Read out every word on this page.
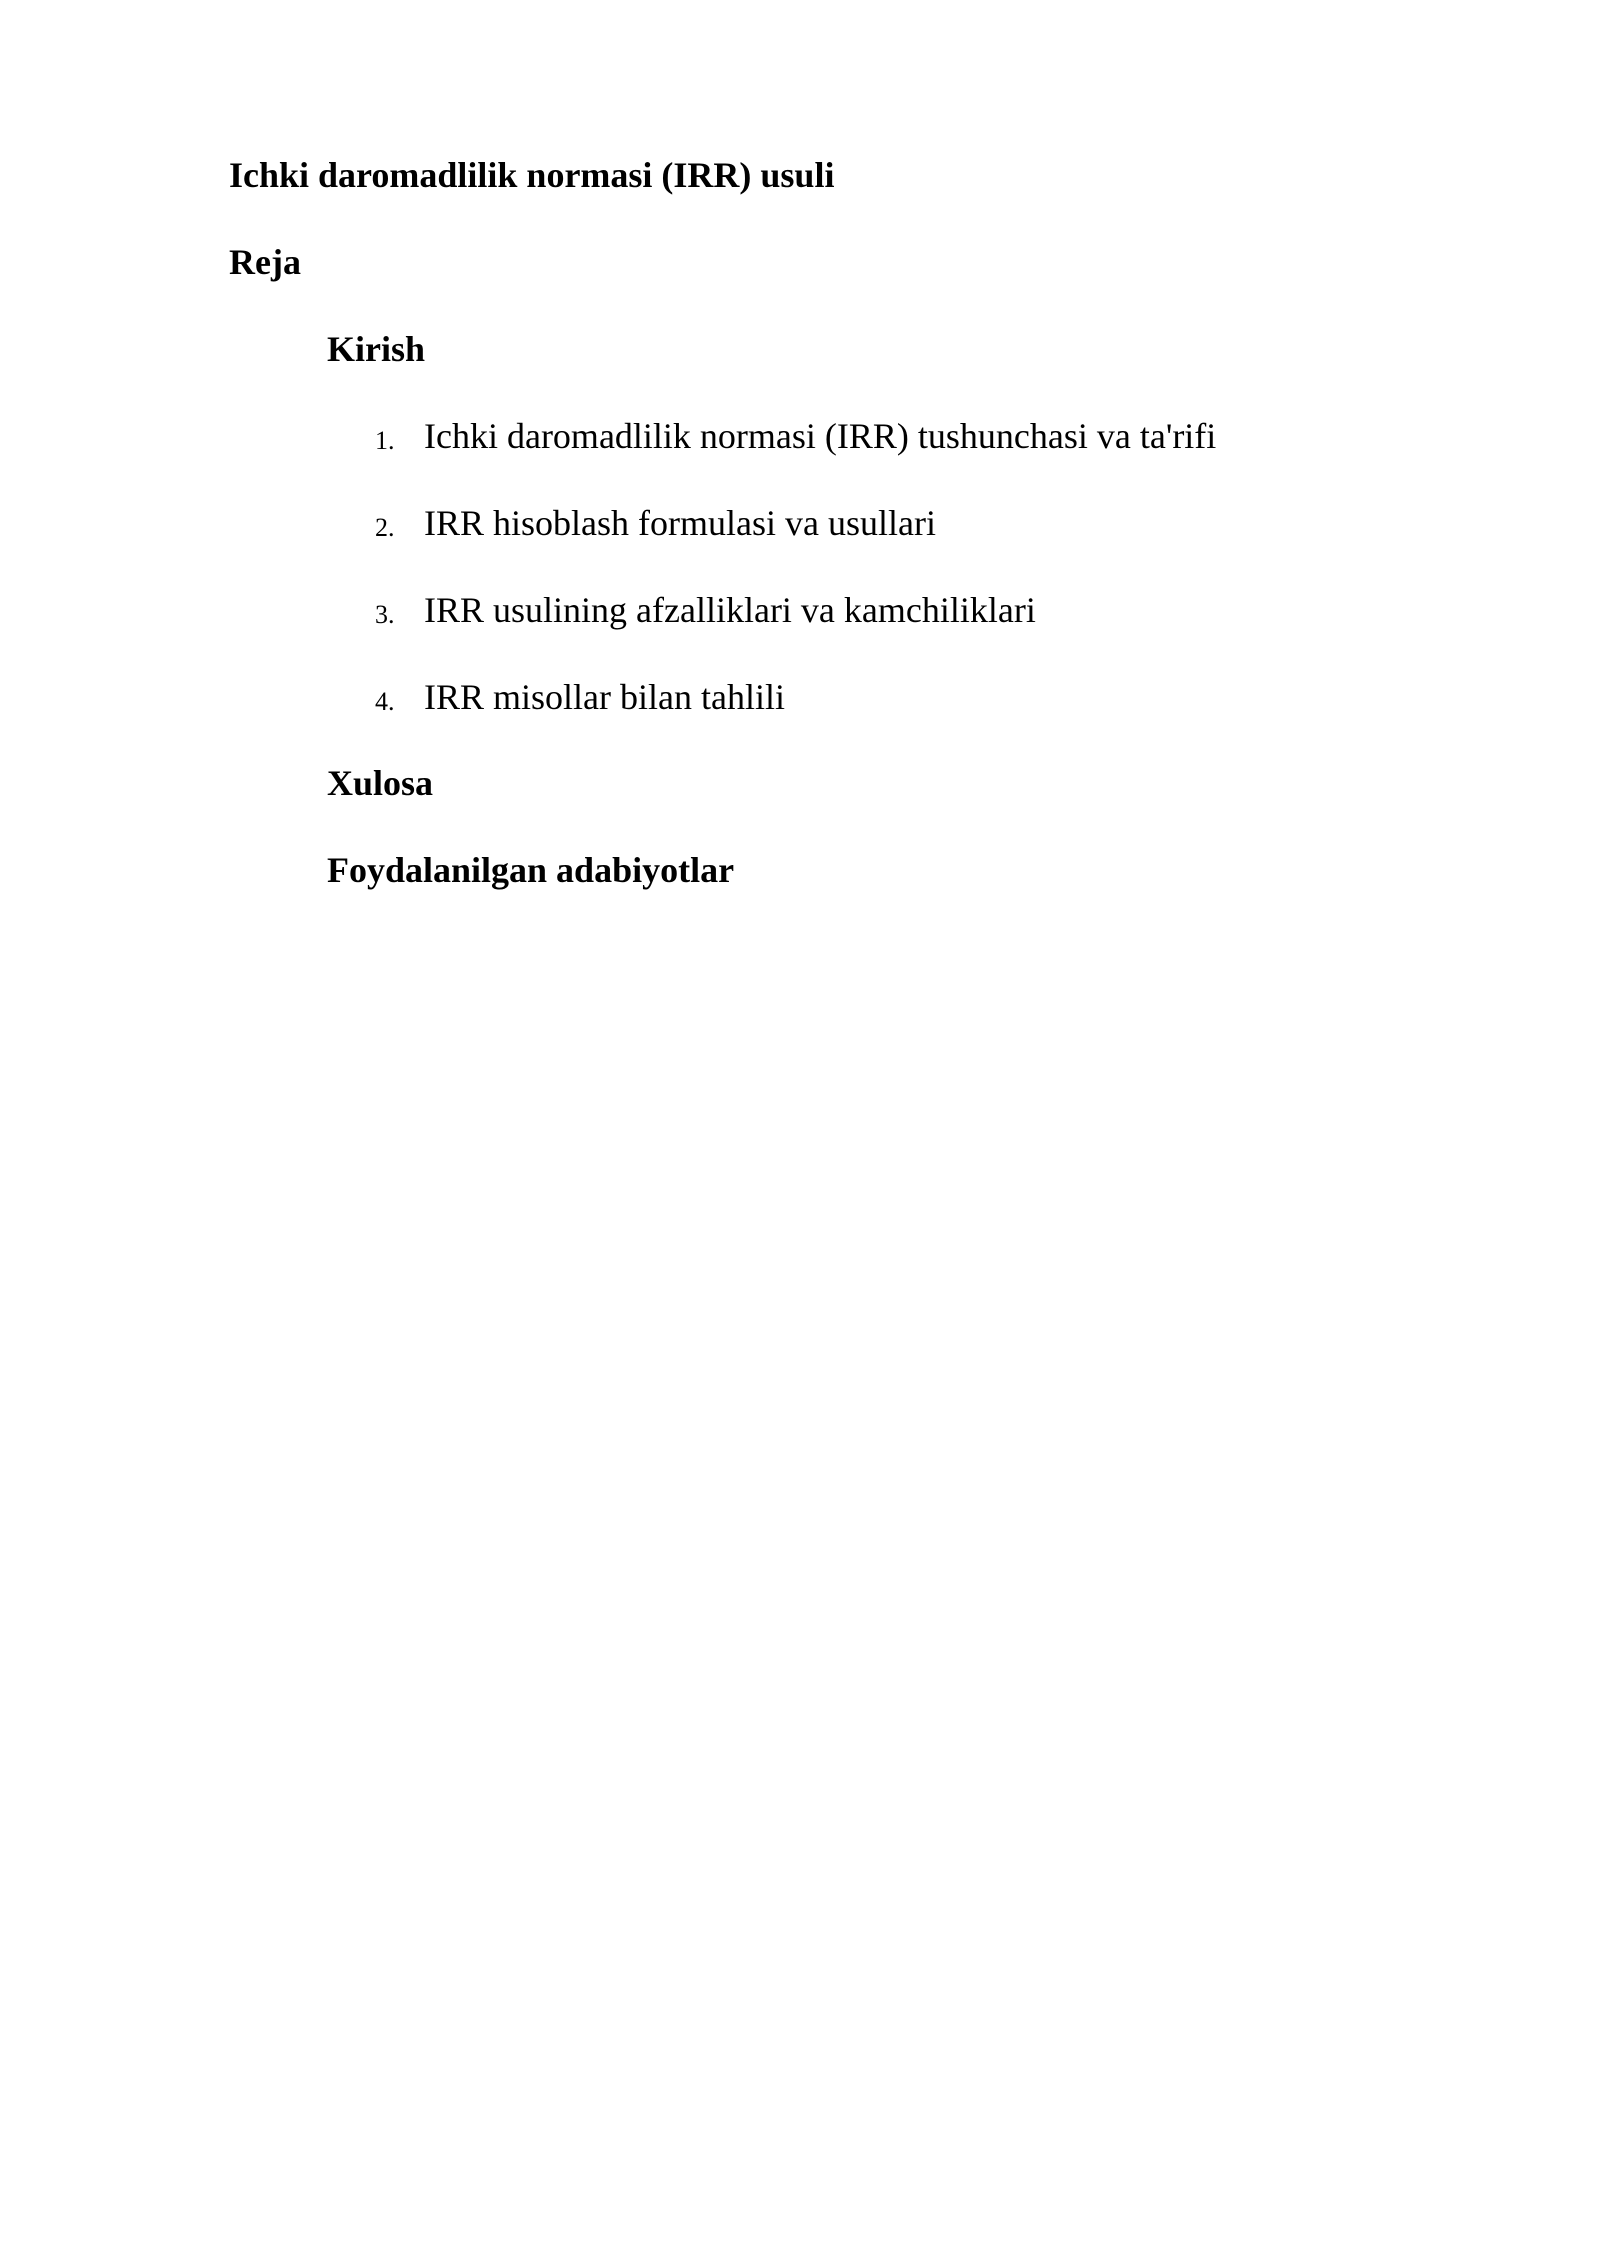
Ichki daromadlilik normasi (IRR) usuli
Reja
Kirish
1. Ichki daromadlilik normasi (IRR) tushunchasi va ta'rifi
2. IRR hisoblash formulasi va usullari
3. IRR usulining afzalliklari va kamchiliklari
4. IRR misollar bilan tahlili
Xulosa
Foydalanilgan adabiyotlar
